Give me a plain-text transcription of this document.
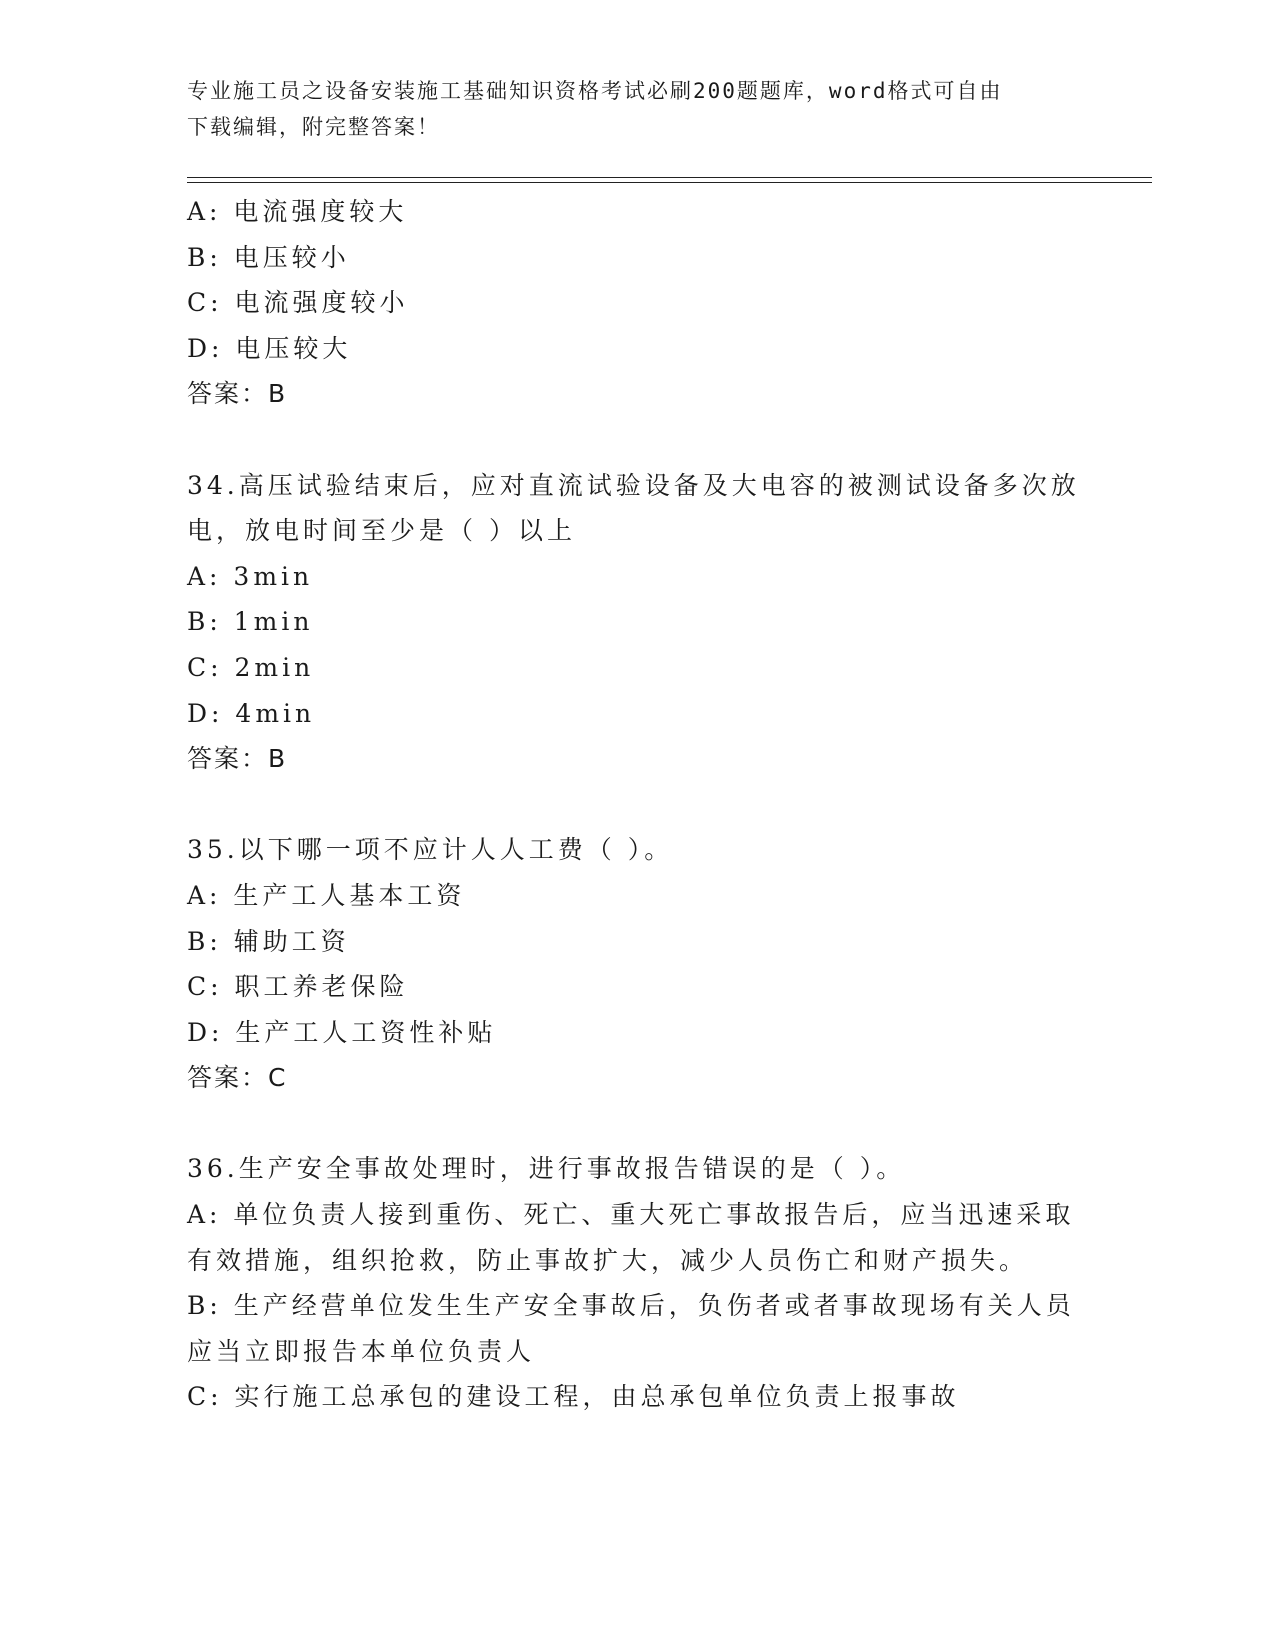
专业施工员之设备安装施工基础知识资格考试必刷200题题库，word格式可自由
下载编辑，附完整答案！
A: 电流强度较大
B: 电压较小
C: 电流强度较小
D: 电压较大
答案：B
34.高压试验结束后，应对直流试验设备及大电容的被测试设备多次放
电，放电时间至少是（ ）以上
A: 3min
B: 1min
C: 2min
D: 4min
答案：B
35.以下哪一项不应计人人工费（ ）。
A: 生产工人基本工资
B: 辅助工资
C: 职工养老保险
D: 生产工人工资性补贴
答案：C
36.生产安全事故处理时，进行事故报告错误的是（ ）。
A: 单位负责人接到重伤、死亡、重大死亡事故报告后，应当迅速采取
有效措施，组织抢救，防止事故扩大，减少人员伤亡和财产损失。
B: 生产经营单位发生生产安全事故后，负伤者或者事故现场有关人员
应当立即报告本单位负责人
C: 实行施工总承包的建设工程，由总承包单位负责上报事故
